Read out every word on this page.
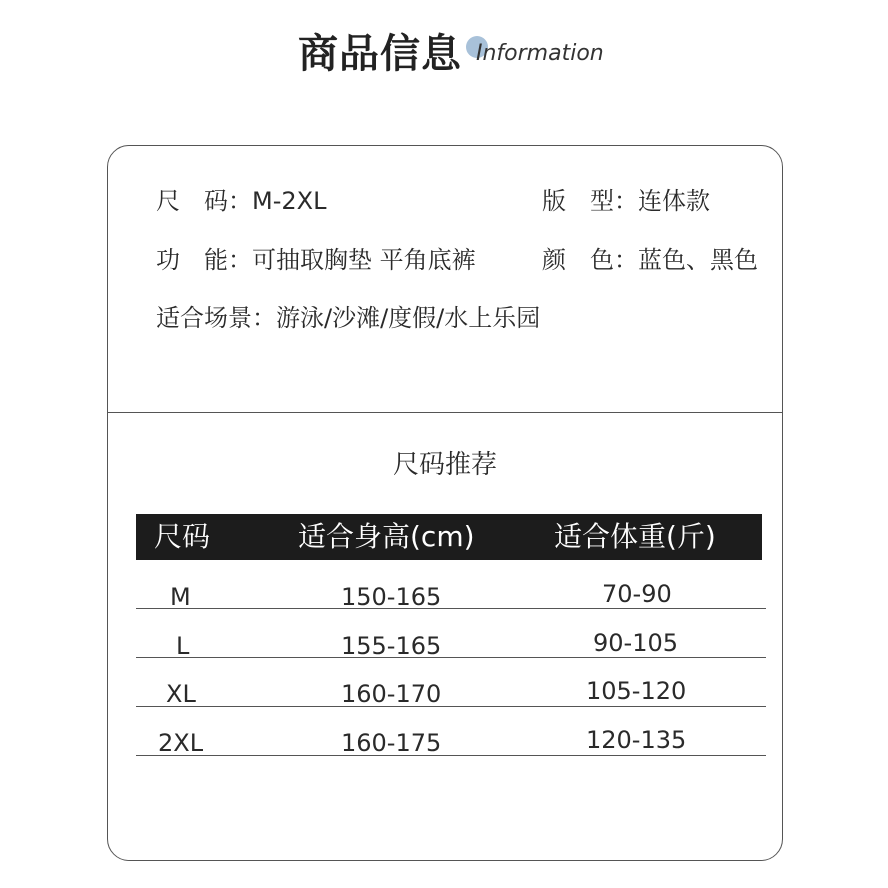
商品信息 Information
尺　码：M-2XL	版　型：连体款
功　能：可抽取胸垫 平角底裤	颜　色：蓝色、黑色
适合场景：游泳/沙滩/度假/水上乐园
尺码推荐
尺码	适合身高(cm)	适合体重(斤)
M	150-165	70-90
L	155-165	90-105
XL	160-170	105-120
2XL	160-175	120-135
